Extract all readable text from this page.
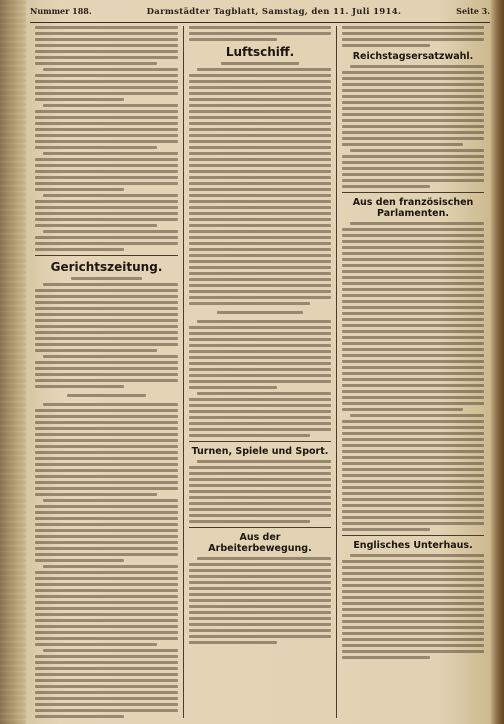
Nummer 188.	Darmstädter Tagblatt, Samstag, den 11. Juli 1914.	Seite 3.
Gerichtszeitung.
Luftschiff.
Turnen, Spiele und Sport.
Aus der Arbeiterbewegung.
Reichstagsersatzwahl.
Aus den französischen Parlamenten.
Englisches Unterhaus.
